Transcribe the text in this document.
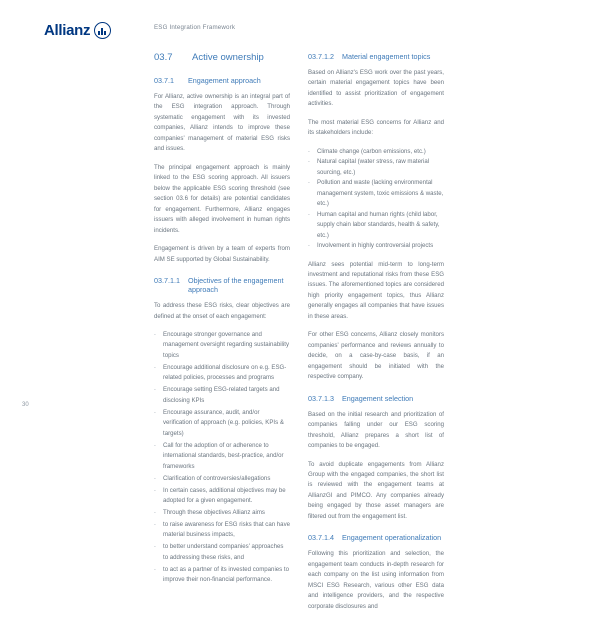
Allianz	ESG Integration Framework
03.7	Active ownership
03.7.1	Engagement approach

For Allianz, active ownership is an integral part of the ESG integration approach. Through systematic engagement with its invested companies, Allianz intends to improve these companies' management of material ESG risks and issues.

The principal engagement approach is mainly linked to the ESG scoring approach. All issuers below the applicable ESG scoring threshold (see section 03.6 for details) are potential candidates for engagement. Furthermore, Allianz engages issuers with alleged involvement in human rights incidents.

Engagement is driven by a team of experts from AIM SE supported by Global Sustainability.

03.7.1.1	Objectives of the engagement approach

To address these ESG risks, clear objectives are defined at the onset of each engagement:

-	Encourage stronger governance and management oversight regarding sustainability topics
-	Encourage additional disclosure on e.g. ESG-related policies, processes and programs
-	Encourage setting ESG-related targets and disclosing KPIs
-	Encourage assurance, audit, and/or verification of approach (e.g. policies, KPIs & targets)
-	Call for the adoption of or adherence to international standards, best-practice, and/or frameworks
-	Clarification of controversies/allegations
-	In certain cases, additional objectives may be adopted for a given engagement.
-	Through these objectives Allianz aims
-	to raise awareness for ESG risks that can have material business impacts,
-	to better understand companies' approaches to addressing these risks, and
-	to act as a partner of its invested companies to improve their non-financial performance.
03.7.1.2	Material engagement topics

Based on Allianz's ESG work over the past years, certain material engagement topics have been identified to assist prioritization of engagement activities.

The most material ESG concerns for Allianz and its stakeholders include:

-	Climate change (carbon emissions, etc.)
-	Natural capital (water stress, raw material sourcing, etc.)
-	Pollution and waste (lacking environmental management system, toxic emissions & waste, etc.)
-	Human capital and human rights (child labor, supply chain labor standards, health & safety, etc.)
-	Involvement in highly controversial projects

Allianz sees potential mid-term to long-term investment and reputational risks from these ESG issues. The aforementioned topics are considered high priority engagement topics, thus Allianz generally engages all companies that have issues in these areas.

For other ESG concerns, Allianz closely monitors companies' performance and reviews annually to decide, on a case-by-case basis, if an engagement should be initiated with the respective company.

03.7.1.3	Engagement selection

Based on the initial research and prioritization of companies falling under our ESG scoring threshold, Allianz prepares a short list of companies to be engaged.

To avoid duplicate engagements from Allianz Group with the engaged companies, the short list is reviewed with the engagement teams at AllianzGI and PIMCO. Any companies already being engaged by those asset managers are filtered out from the engagement list.

03.7.1.4	Engagement operationalization

Following this prioritization and selection, the engagement team conducts in-depth research for each company on the list using information from MSCI ESG Research, various other ESG data and intelligence providers, and the respective corporate disclosures and

30
